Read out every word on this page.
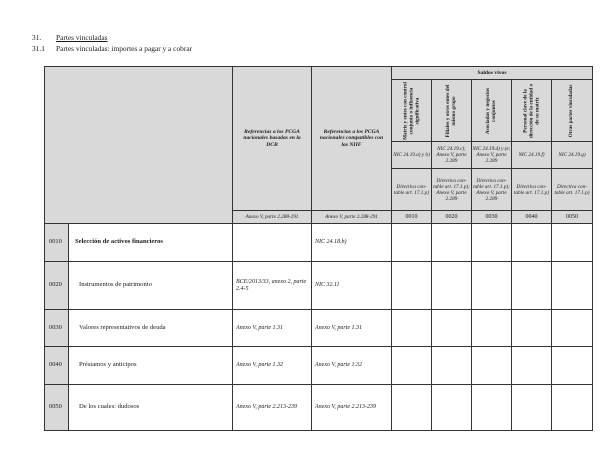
31. Partes vinculadas
31.1 Partes vinculadas: importes a pagar y a cobrar
		Referencias a los PCGA nacionales basadas en la DCB	Referencias a los PCGA nacionales compatibles con las NIIF	Saldos vivos				

				Matriz y entes con control conjunto o influencia significativa	Filiales y otros entes del mismo grupo	Asociadas y negocios conjuntos	Personal clave de la dirección de la entidad o de su matriz	Otras partes vinculadas

				NIC 24.19.a) y b)	NIC 24.19.c); Anexo V, parte 2.289	NIC 24.19.d) y (e; Anexo V, parte 2.289	NIC 24.19.f)	NIC 24.19.g)
				Directiva con-table art. 17.1.p)	Directiva con-table art. 17.1.p); Anexo V, parte 2.289	Directiva con-table art. 17.1.p); Anexo V, parte 2.289	Directiva con-table art. 17.1.p)	Directiva con-table art. 17.1.p)
		Anexo V, parte 2.288-291	Anexo V, parte 2.288-291	0010	0020	0030	0040	0050
0010	Selección de activos financieros		NIC 24.18.b)					
0020	Instrumentos de patrimonio	BCE/2013/33, anexo 2, parte 2.4-5	NIC 32.11					
0030	Valores representativos de deuda	Anexo V, parte 1.31	Anexo V, parte 1.31					
0040	Préstamos y anticipos	Anexo V, parte 1.32	Anexo V, parte 1.32					
0050	De los cuales: dudosos	Anexo V, parte 2.213-239	Anexo V, parte 2.213-239					
